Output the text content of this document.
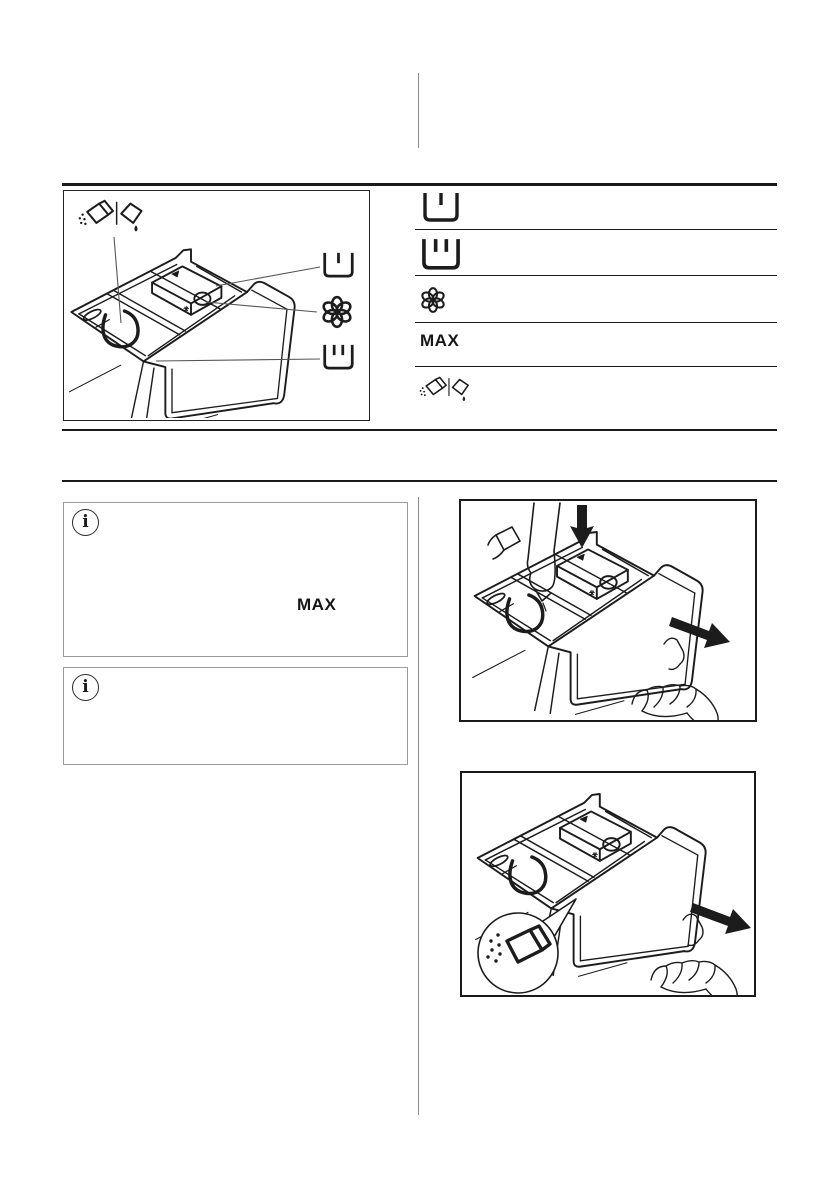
MAX
i
MAX
i
